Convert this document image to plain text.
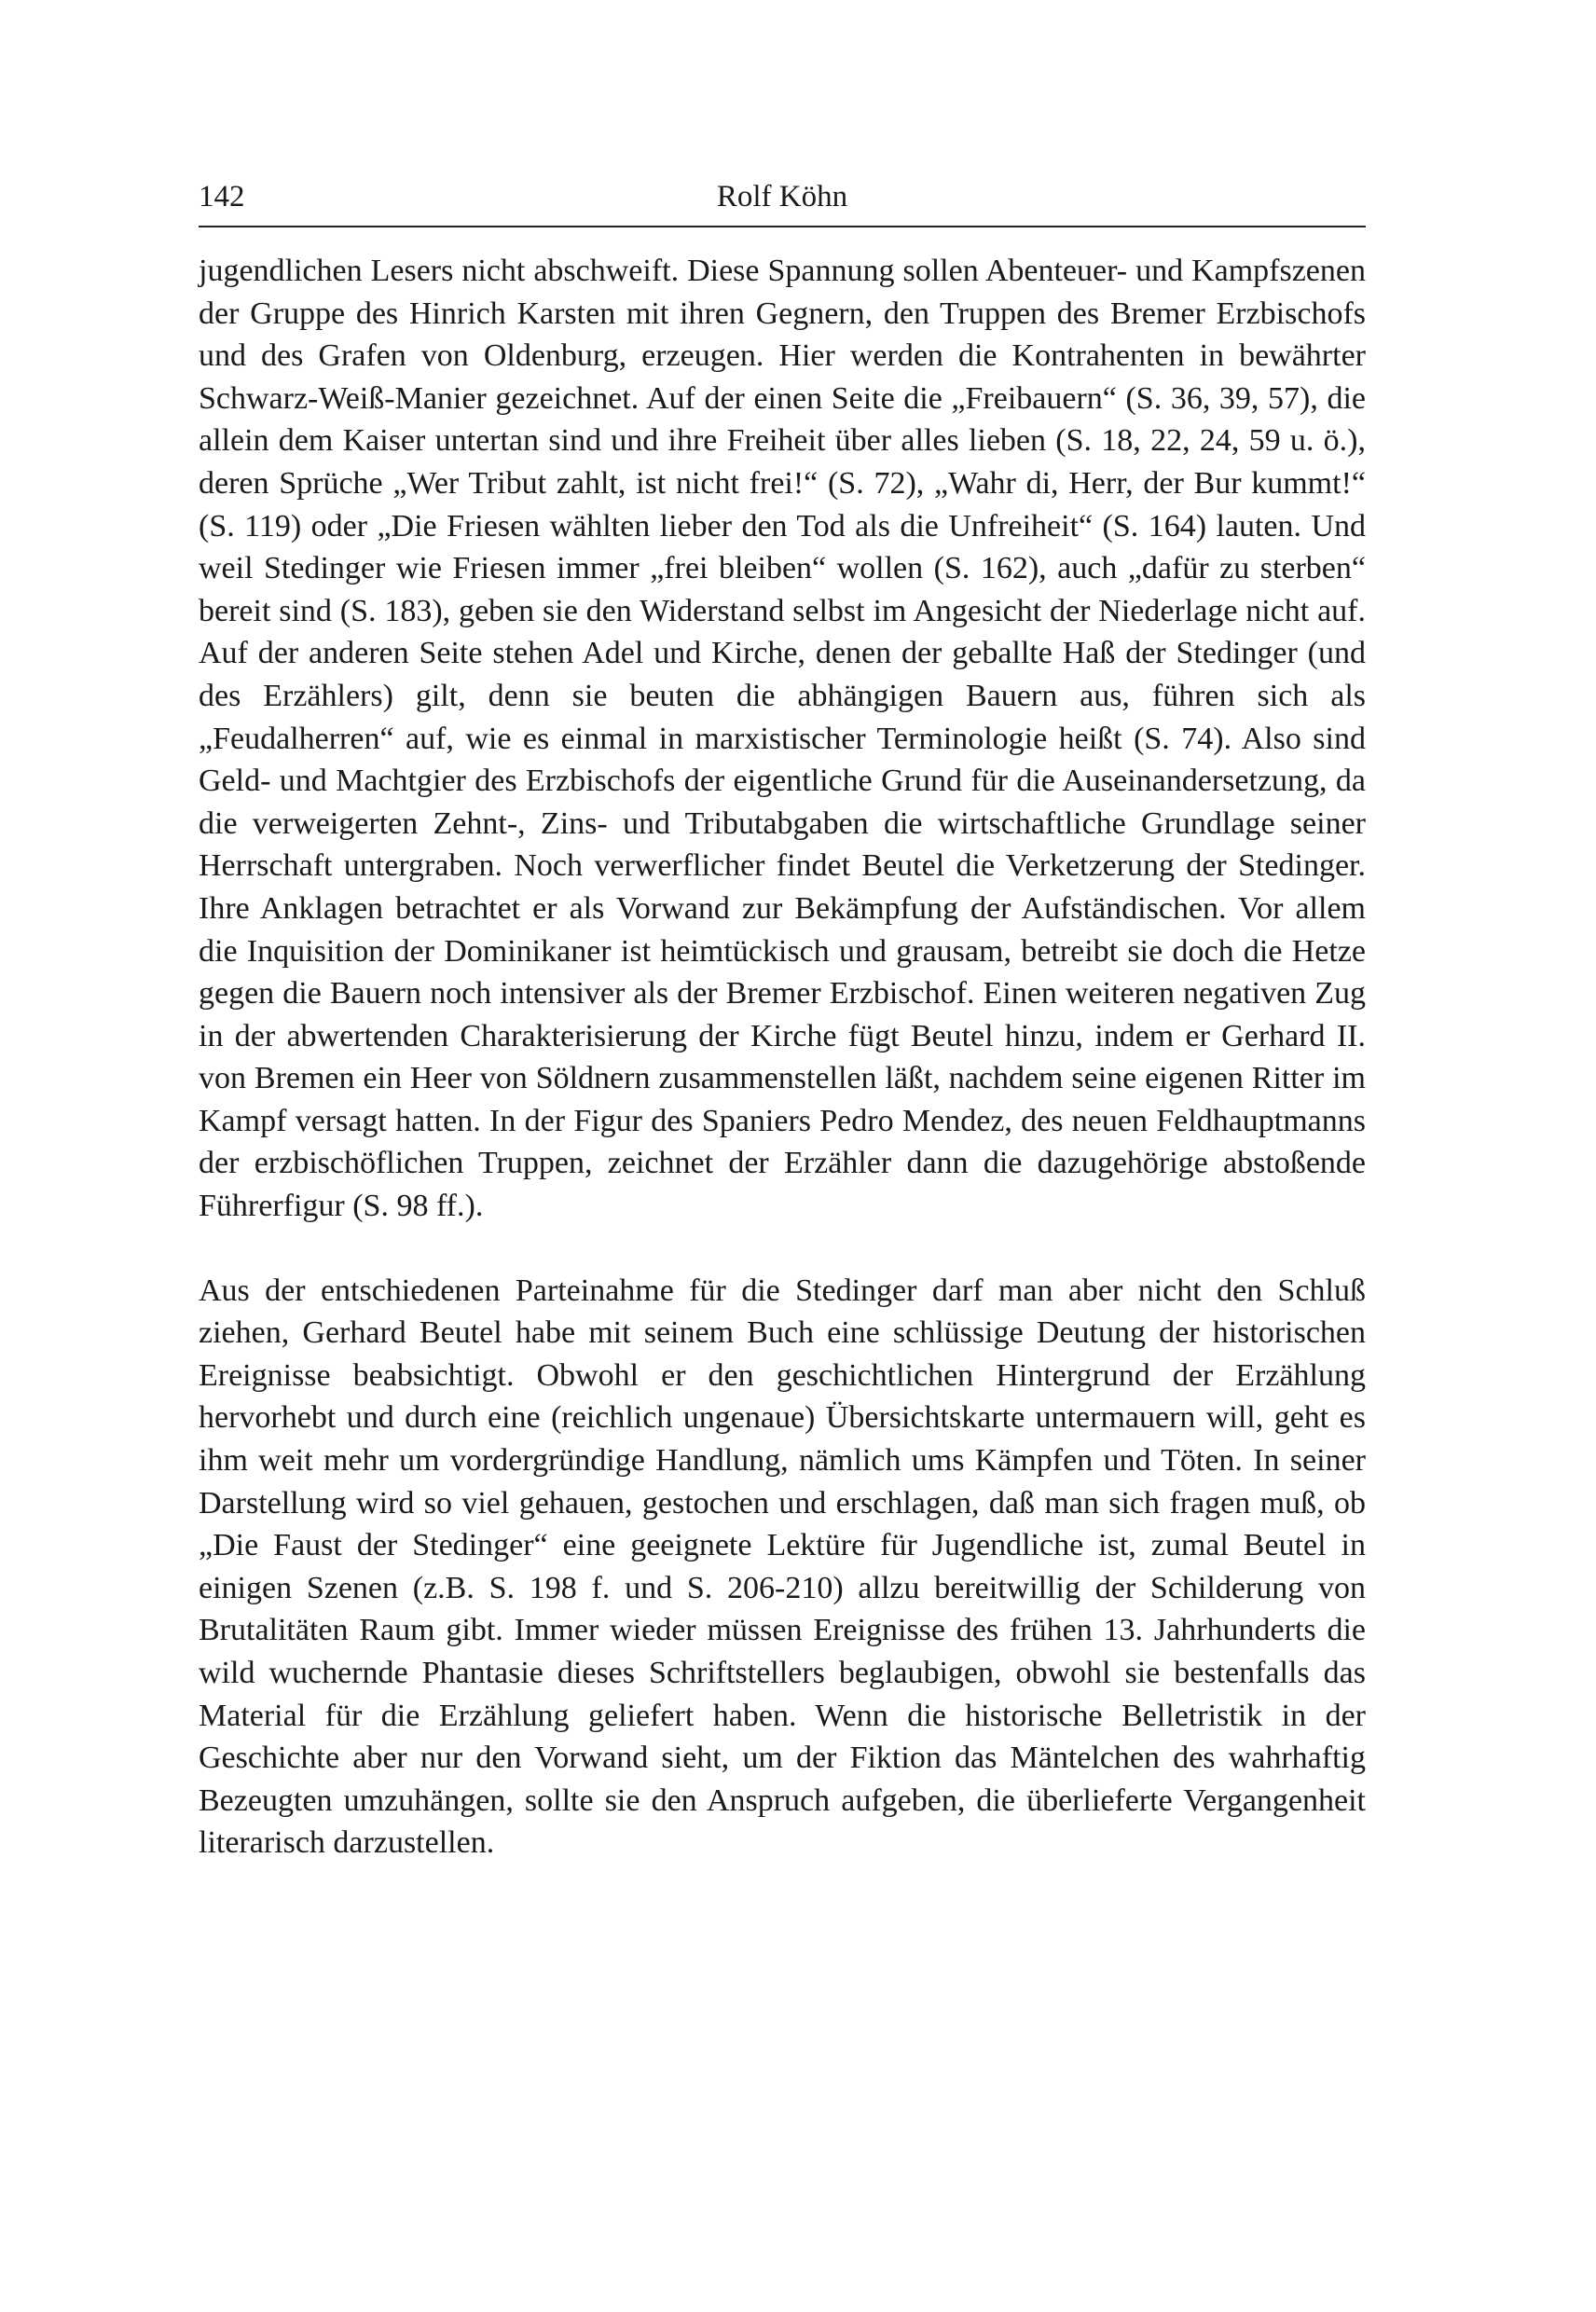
142	Rolf Köhn

jugendlichen Lesers nicht abschweift. Diese Spannung sollen Abenteuer- und Kampfszenen der Gruppe des Hinrich Karsten mit ihren Gegnern, den Truppen des Bremer Erzbischofs und des Grafen von Oldenburg, erzeugen. Hier werden die Kontrahenten in bewährter Schwarz-Weiß-Manier gezeichnet. Auf der einen Seite die „Freibauern“ (S. 36, 39, 57), die allein dem Kaiser untertan sind und ihre Freiheit über alles lieben (S. 18, 22, 24, 59 u. ö.), deren Sprüche „Wer Tribut zahlt, ist nicht frei!“ (S. 72), „Wahr di, Herr, der Bur kummt!“ (S. 119) oder „Die Friesen wählten lieber den Tod als die Unfreiheit“ (S. 164) lauten. Und weil Stedinger wie Friesen immer „frei bleiben“ wollen (S. 162), auch „dafür zu sterben“ bereit sind (S. 183), geben sie den Widerstand selbst im Angesicht der Niederlage nicht auf. Auf der anderen Seite stehen Adel und Kirche, denen der geballte Haß der Stedinger (und des Erzählers) gilt, denn sie beuten die abhängigen Bauern aus, führen sich als „Feudalherren“ auf, wie es einmal in marxistischer Terminologie heißt (S. 74). Also sind Geld- und Machtgier des Erzbischofs der eigentliche Grund für die Auseinandersetzung, da die verweigerten Zehnt-, Zins- und Tributabgaben die wirtschaftliche Grundlage seiner Herrschaft untergraben. Noch verwerflicher findet Beutel die Verketzerung der Stedinger. Ihre Anklagen betrachtet er als Vorwand zur Bekämpfung der Aufständischen. Vor allem die Inquisition der Dominikaner ist heimtückisch und grausam, betreibt sie doch die Hetze gegen die Bauern noch intensiver als der Bremer Erzbischof. Einen weiteren negativen Zug in der abwertenden Charakterisierung der Kirche fügt Beutel hinzu, indem er Gerhard II. von Bremen ein Heer von Söldnern zusammenstellen läßt, nachdem seine eigenen Ritter im Kampf versagt hatten. In der Figur des Spaniers Pedro Mendez, des neuen Feldhauptmanns der erzbischöflichen Truppen, zeichnet der Erzähler dann die dazugehörige abstoßende Führerfigur (S. 98 ff.).

Aus der entschiedenen Parteinahme für die Stedinger darf man aber nicht den Schluß ziehen, Gerhard Beutel habe mit seinem Buch eine schlüssige Deutung der historischen Ereignisse beabsichtigt. Obwohl er den geschichtlichen Hintergrund der Erzählung hervorhebt und durch eine (reichlich ungenaue) Übersichtskarte untermauern will, geht es ihm weit mehr um vordergründige Handlung, nämlich ums Kämpfen und Töten. In seiner Darstellung wird so viel gehauen, gestochen und erschlagen, daß man sich fragen muß, ob „Die Faust der Stedinger“ eine geeignete Lektüre für Jugendliche ist, zumal Beutel in einigen Szenen (z.B. S. 198 f. und S. 206-210) allzu bereitwillig der Schilderung von Brutalitäten Raum gibt. Immer wieder müssen Ereignisse des frühen 13. Jahrhunderts die wild wuchernde Phantasie dieses Schriftstellers beglaubigen, obwohl sie bestenfalls das Material für die Erzählung geliefert haben. Wenn die historische Belletristik in der Geschichte aber nur den Vorwand sieht, um der Fiktion das Mäntelchen des wahrhaftig Bezeugten umzuhängen, sollte sie den Anspruch aufgeben, die überlieferte Vergangenheit literarisch darzustellen.
